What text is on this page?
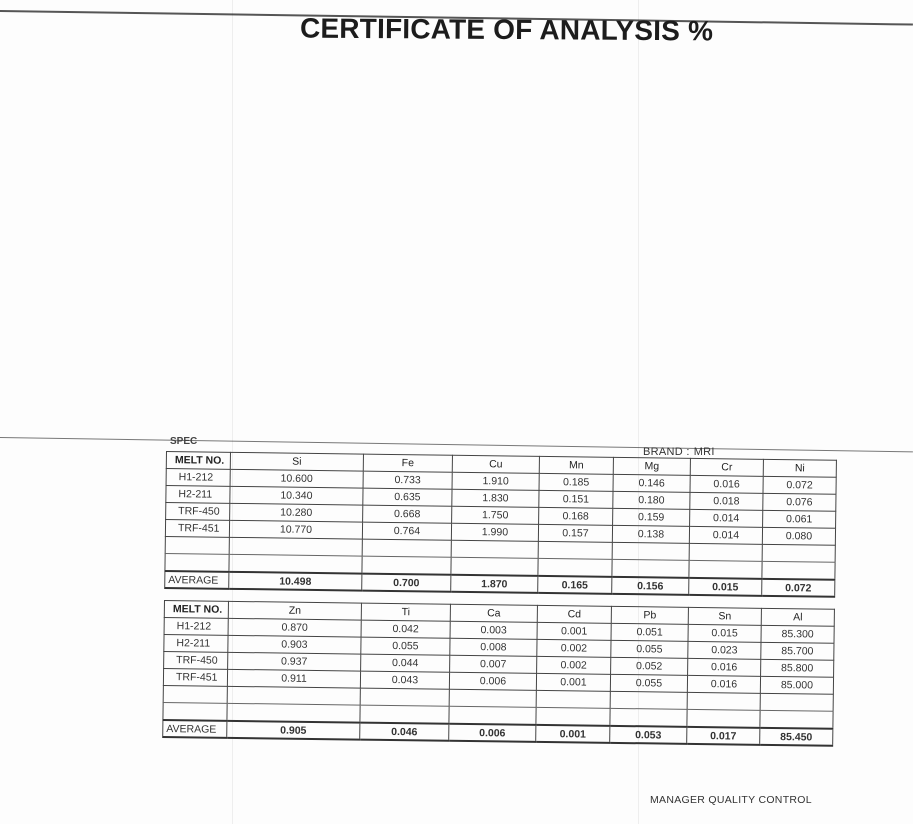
CERTIFICATE OF ANALYSIS %
SPEC
BRAND : MRI
MELT NO.	Si	Fe	Cu	Mn	Mg	Cr	Ni
H1-212	10.600	0.733	1.910	0.185	0.146	0.016	0.072
H2-211	10.340	0.635	1.830	0.151	0.180	0.018	0.076
TRF-450	10.280	0.668	1.750	0.168	0.159	0.014	0.061
TRF-451	10.770	0.764	1.990	0.157	0.138	0.014	0.080

AVERAGE	10.498	0.700	1.870	0.165	0.156	0.015	0.072
MELT NO.	Zn	Ti	Ca	Cd	Pb	Sn	Al
H1-212	0.870	0.042	0.003	0.001	0.051	0.015	85.300
H2-211	0.903	0.055	0.008	0.002	0.055	0.023	85.700
TRF-450	0.937	0.044	0.007	0.002	0.052	0.016	85.800
TRF-451	0.911	0.043	0.006	0.001	0.055	0.016	85.000

AVERAGE	0.905	0.046	0.006	0.001	0.053	0.017	85.450
MANAGER QUALITY CONTROL
